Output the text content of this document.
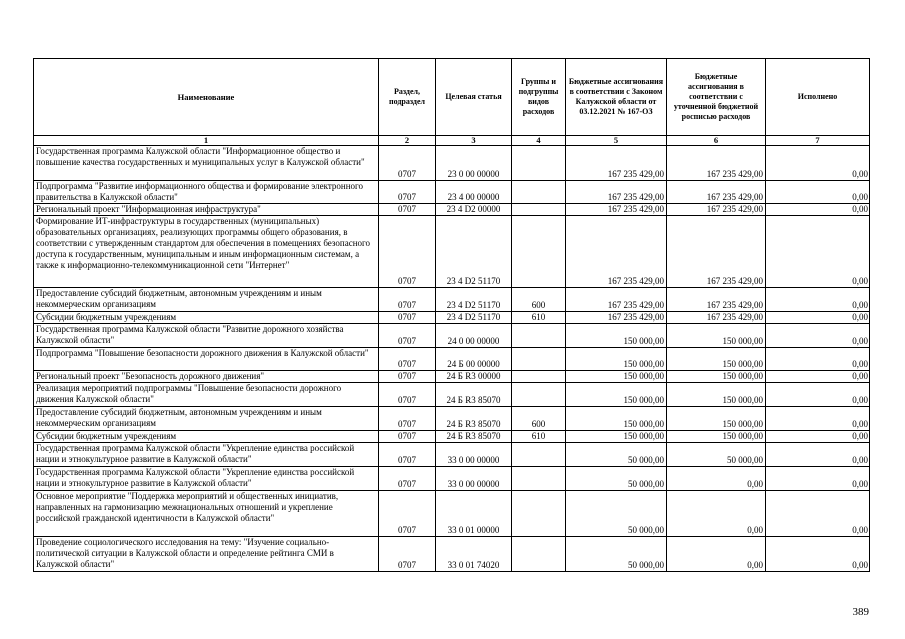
Наименование	Раздел, подраздел	Целевая статья	Группы и подгруппы видов расходов	Бюджетные ассигнования в соответствии с Законом Калужской области от 03.12.2021 № 167-ОЗ	Бюджетные ассигнования в соответствии с уточненной бюджетной росписью расходов	Исполнено
1	2	3	4	5	6	7
Государственная программа Калужской области "Информационное общество и повышение качества государственных и муниципальных услуг в Калужской области"	0707	23 0 00 00000		167 235 429,00	167 235 429,00	0,00
Подпрограмма "Развитие информационного общества и формирование электронного правительства в Калужской области"	0707	23 4 00 00000		167 235 429,00	167 235 429,00	0,00
Региональный проект "Информационная инфраструктура"	0707	23 4 D2 00000		167 235 429,00	167 235 429,00	0,00
Формирование ИТ-инфраструктуры в государственных (муниципальных) образовательных организациях, реализующих программы общего образования, в соответствии с утвержденным стандартом для обеспечения в помещениях безопасного доступа к государственным, муниципальным и иным информационным системам, а также к информационно-телекоммуникационной сети "Интернет"	0707	23 4 D2 51170		167 235 429,00	167 235 429,00	0,00
Предоставление субсидий бюджетным, автономным учреждениям и иным некоммерческим организациям	0707	23 4 D2 51170	600	167 235 429,00	167 235 429,00	0,00
Субсидии бюджетным учреждениям	0707	23 4 D2 51170	610	167 235 429,00	167 235 429,00	0,00
Государственная программа Калужской области "Развитие дорожного хозяйства Калужской области"	0707	24 0 00 00000		150 000,00	150 000,00	0,00
Подпрограмма "Повышение безопасности дорожного движения в Калужской области"	0707	24 Б 00 00000		150 000,00	150 000,00	0,00
Региональный проект "Безопасность дорожного движения"	0707	24 Б R3 00000		150 000,00	150 000,00	0,00
Реализация мероприятий подпрограммы "Повышение безопасности дорожного движения Калужской области"	0707	24 Б R3 85070		150 000,00	150 000,00	0,00
Предоставление субсидий бюджетным, автономным учреждениям и иным некоммерческим организациям	0707	24 Б R3 85070	600	150 000,00	150 000,00	0,00
Субсидии бюджетным учреждениям	0707	24 Б R3 85070	610	150 000,00	150 000,00	0,00
Государственная программа Калужской области "Укрепление единства российской нации и этнокультурное развитие в Калужской области"	0707	33 0 00 00000		50 000,00	50 000,00	0,00
Государственная программа Калужской области "Укрепление единства российской нации и этнокультурное развитие в Калужской области"	0707	33 0 00 00000		50 000,00	0,00	0,00
Основное мероприятие "Поддержка мероприятий и общественных инициатив, направленных на гармонизацию межнациональных отношений и укрепление российской гражданской идентичности в Калужской области"	0707	33 0 01 00000		50 000,00	0,00	0,00
Проведение социологического исследования на тему: "Изучение социально-политической ситуации в Калужской области и определение рейтинга СМИ в Калужской области"	0707	33 0 01 74020		50 000,00	0,00	0,00
389
